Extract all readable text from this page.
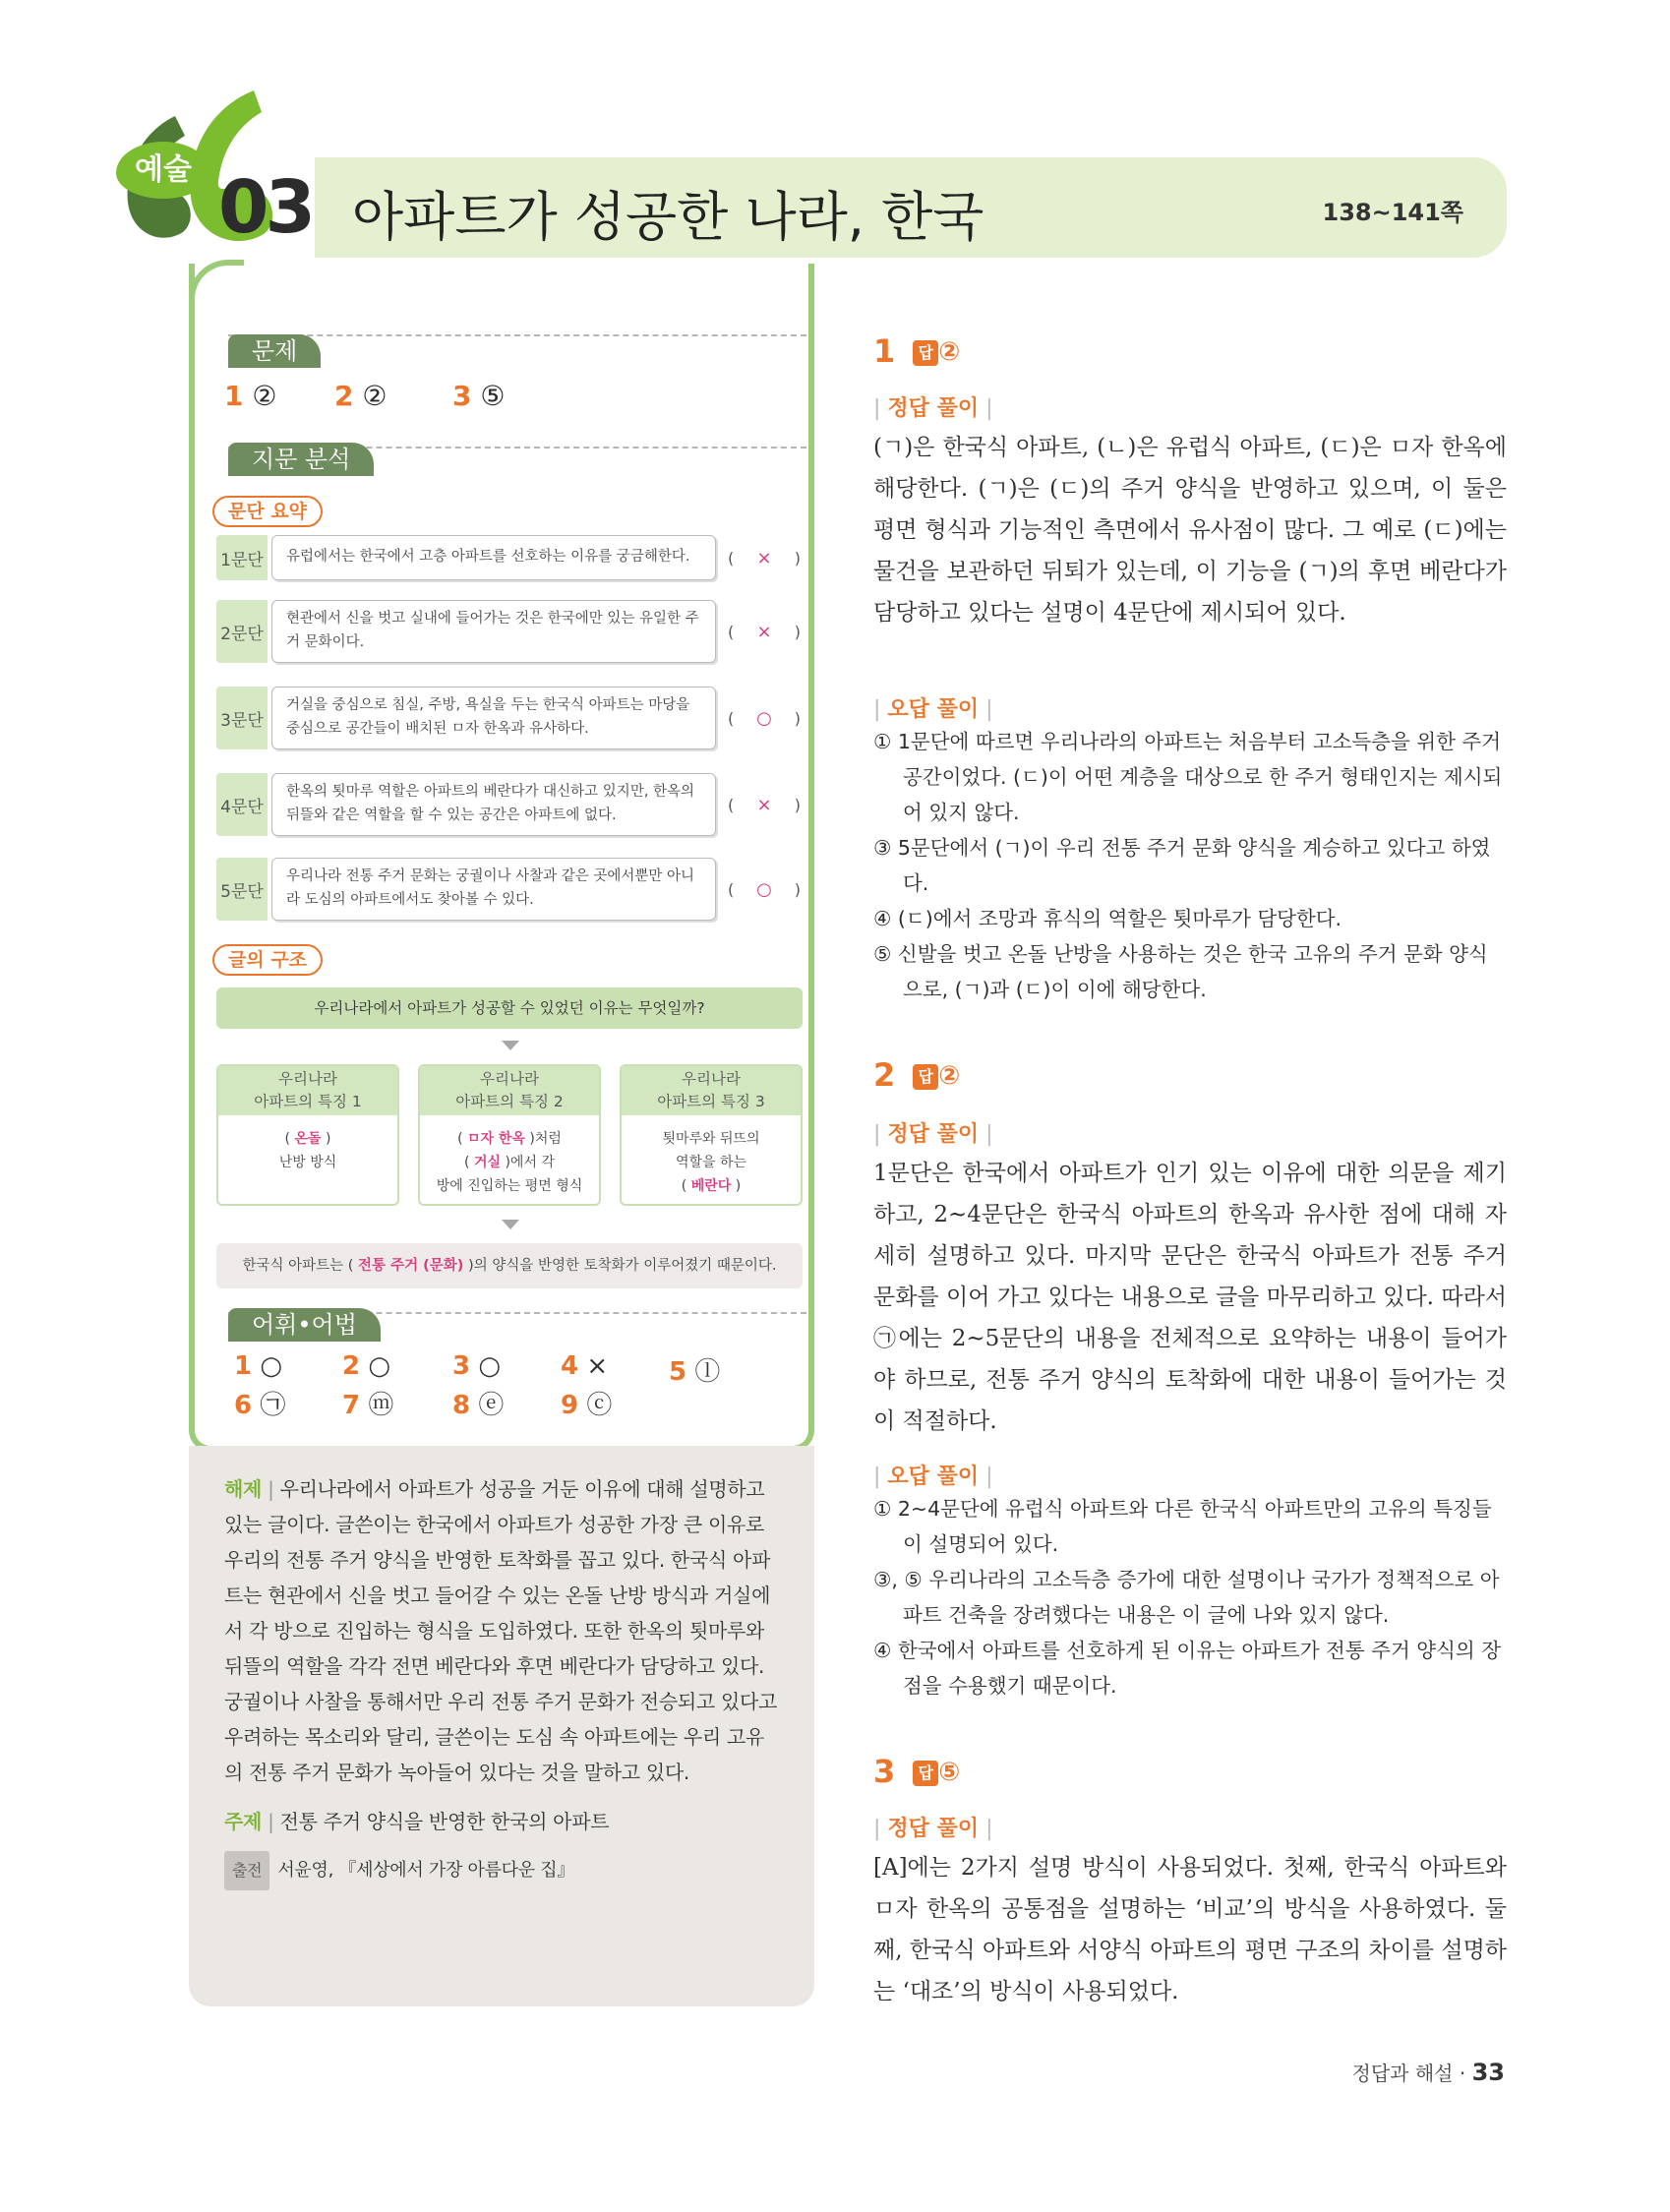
예술 03 아파트가 성공한 나라, 한국	138~141쪽
문제
1 ② 2 ② 3 ⑤
지문 분석
문단 요약
1문단	유럽에서는 한국에서 고층 아파트를 선호하는 이유를 궁금해한다.	( × )
2문단
현관에서 신을 벗고 실내에 들어가는 것은 한국에만 있는 유일한 주거 문화이다.
( × )
3문단
거실을 중심으로 침실, 주방, 욕실을 두는 한국식 아파트는 마당을 중심으로 공간들이 배치된 ㅁ자 한옥과 유사하다.
( ○ )
4문단
한옥의 툇마루 역할은 아파트의 베란다가 대신하고 있지만, 한옥의 뒤뜰와 같은 역할을 할 수 있는 공간은 아파트에 없다.
( × )
5문단
우리나라 전통 주거 문화는 궁궐이나 사찰과 같은 곳에서뿐만 아니라 도심의 아파트에서도 찾아볼 수 있다.
( ○ )
글의 구조
우리나라에서 아파트가 성공할 수 있었던 이유는 무엇일까?
우리나라
아파트의 특징 1
( 온돌 )
난방 방식
우리나라
아파트의 특징 2
( ㅁ자 한옥 )처럼
( 거실 )에서 각
방에 진입하는 평면 형식
우리나라
아파트의 특징 3
툇마루와 뒤뜨의
역할을 하는
( 베란다 )
한국식 아파트는 ( 전통 주거 (문화) )의 양식을 반영한 토착화가 이루어졌기 때문이다.
어휘•어법
1 ○ 2 ○ 3 ○ 4 × 5 ⓛ
6 ㉠ 7 ⓜ 8 ⓔ 9 ⓒ

해제 | 우리나라에서 아파트가 성공을 거둔 이유에 대해 설명하고 있는 글이다. 글쓴이는 한국에서 아파트가 성공한 가장 큰 이유로 우리의 전통 주거 양식을 반영한 토착화를 꼽고 있다. 한국식 아파트는 현관에서 신을 벗고 들어갈 수 있는 온돌 난방 방식과 거실에서 각 방으로 진입하는 형식을 도입하였다. 또한 한옥의 툇마루와 뒤뜰의 역할을 각각 전면 베란다와 후면 베란다가 담당하고 있다. 궁궐이나 사찰을 통해서만 우리 전통 주거 문화가 전승되고 있다고 우려하는 목소리와 달리, 글쓴이는 도심 속 아파트에는 우리 고유의 전통 주거 문화가 녹아들어 있다는 것을 말하고 있다.

주제 | 전통 주거 양식을 반영한 한국의 아파트

출전 서윤영, 『세상에서 가장 아름다운 집』

1 답 ②
| 정답 풀이 |
(ㄱ)은 한국식 아파트, (ㄴ)은 유럽식 아파트, (ㄷ)은 ㅁ자 한옥에 해당한다. (ㄱ)은 (ㄷ)의 주거 양식을 반영하고 있으며, 이 둘은 평면 형식과 기능적인 측면에서 유사점이 많다. 그 예로 (ㄷ)에는 물건을 보관하던 뒤퇴가 있는데, 이 기능을 (ㄱ)의 후면 베란다가 담당하고 있다는 설명이 4문단에 제시되어 있다.
| 오답 풀이 |
① 1문단에 따르면 우리나라의 아파트는 처음부터 고소득층을 위한 주거 공간이었다. (ㄷ)이 어떤 계층을 대상으로 한 주거 형태인지는 제시되어 있지 않다.
③ 5문단에서 (ㄱ)이 우리 전통 주거 문화 양식을 계승하고 있다고 하였다.
④ (ㄷ)에서 조망과 휴식의 역할은 툇마루가 담당한다.
⑤ 신발을 벗고 온돌 난방을 사용하는 것은 한국 고유의 주거 문화 양식으로, (ㄱ)과 (ㄷ)이 이에 해당한다.
2 답 ②
| 정답 풀이 |
1문단은 한국에서 아파트가 인기 있는 이유에 대한 의문을 제기하고, 2~4문단은 한국식 아파트의 한옥과 유사한 점에 대해 자세히 설명하고 있다. 마지막 문단은 한국식 아파트가 전통 주거 문화를 이어 가고 있다는 내용으로 글을 마무리하고 있다. 따라서 ㉠에는 2~5문단의 내용을 전체적으로 요약하는 내용이 들어가야 하므로, 전통 주거 양식의 토착화에 대한 내용이 들어가는 것이 적절하다.
| 오답 풀이 |
① 2~4문단에 유럽식 아파트와 다른 한국식 아파트만의 고유의 특징들이 설명되어 있다.
③, ⑤ 우리나라의 고소득층 증가에 대한 설명이나 국가가 정책적으로 아파트 건축을 장려했다는 내용은 이 글에 나와 있지 않다.
④ 한국에서 아파트를 선호하게 된 이유는 아파트가 전통 주거 양식의 장점을 수용했기 때문이다.
3 답 ⑤
| 정답 풀이 |
[A]에는 2가지 설명 방식이 사용되었다. 첫째, 한국식 아파트와 ㅁ자 한옥의 공통점을 설명하는 ‘비교’의 방식을 사용하였다. 둘째, 한국식 아파트와 서양식 아파트의 평면 구조의 차이를 설명하는 ‘대조’의 방식이 사용되었다.
정답과 해설 · 33
